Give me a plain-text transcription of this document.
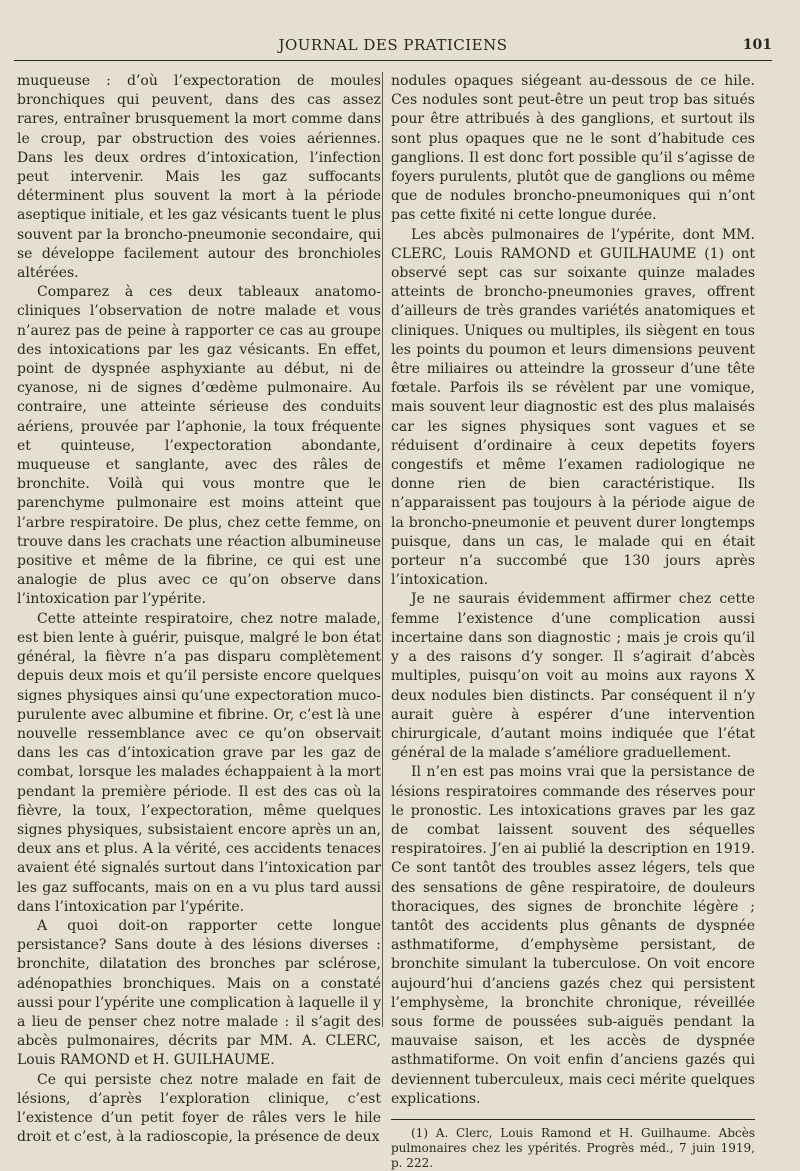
JOURNAL DES PRATICIENS	101

muqueuse : d’où l’expectoration de moules bronchiques qui peuvent, dans des cas assez rares, entraîner brusquement la mort comme dans le croup, par obstruction des voies aériennes. Dans les deux ordres d’intoxication, l’infection peut intervenir. Mais les gaz suffocants déterminent plus souvent la mort à la période aseptique initiale, et les gaz vésicants tuent le plus souvent par la broncho-pneumonie secondaire, qui se développe facilement autour des bronchioles altérées.

Comparez à ces deux tableaux anatomo-cliniques l’observation de notre malade et vous n’aurez pas de peine à rapporter ce cas au groupe des intoxications par les gaz vésicants. En effet, point de dyspnée asphyxiante au début, ni de cyanose, ni de signes d’œdème pulmonaire. Au contraire, une atteinte sérieuse des conduits aériens, prouvée par l’aphonie, la toux fréquente et quinteuse, l’expectoration abondante, muqueuse et sanglante, avec des râles de bronchite. Voilà qui vous montre que le parenchyme pulmonaire est moins atteint que l’arbre respiratoire. De plus, chez cette femme, on trouve dans les crachats une réaction albumineuse positive et même de la fibrine, ce qui est une analogie de plus avec ce qu’on observe dans l’intoxication par l’ypérite.

Cette atteinte respiratoire, chez notre malade, est bien lente à guérir, puisque, malgré le bon état général, la fièvre n’a pas disparu complètement depuis deux mois et qu’il persiste encore quelques signes physiques ainsi qu’une expectoration muco-purulente avec albumine et fibrine. Or, c’est là une nouvelle ressemblance avec ce qu’on observait dans les cas d’intoxication grave par les gaz de combat, lorsque les malades échappaient à la mort pendant la première période. Il est des cas où la fièvre, la toux, l’expectoration, même quelques signes physiques, subsistaient encore après un an, deux ans et plus. A la vérité, ces accidents tenaces avaient été signalés surtout dans l’intoxication par les gaz suffocants, mais on en a vu plus tard aussi dans l’intoxication par l’ypérite.

A quoi doit-on rapporter cette longue persistance? Sans doute à des lésions diverses : bronchite, dilatation des bronches par sclérose, adénopathies bronchiques. Mais on a constaté aussi pour l’ypérite une complication à laquelle il y a lieu de penser chez notre malade : il s’agit des abcès pulmonaires, décrits par MM. A. CLERC, Louis RAMOND et H. GUILHAUME.

Ce qui persiste chez notre malade en fait de lésions, d’après l’exploration clinique, c’est l’existence d’un petit foyer de râles vers le hile droit et c’est, à la radioscopie, la présence de deux

nodules opaques siégeant au-dessous de ce hile. Ces nodules sont peut-être un peut trop bas situés pour être attribués à des ganglions, et surtout ils sont plus opaques que ne le sont d’habitude ces ganglions. Il est donc fort possible qu’il s’agisse de foyers purulents, plutôt que de ganglions ou même que de nodules broncho-pneumoniques qui n’ont pas cette fixité ni cette longue durée.

Les abcès pulmonaires de l’ypérite, dont MM. CLERC, Louis RAMOND et GUILHAUME (1) ont observé sept cas sur soixante quinze malades atteints de broncho-pneumonies graves, offrent d’ailleurs de très grandes variétés anatomiques et cliniques. Uniques ou multiples, ils siègent en tous les points du poumon et leurs dimensions peuvent être miliaires ou atteindre la grosseur d’une tête fœtale. Parfois ils se révèlent par une vomique, mais souvent leur diagnostic est des plus malaisés car les signes physiques sont vagues et se réduisent d’ordinaire à ceux depetits foyers congestifs et même l’examen radiologique ne donne rien de bien caractéristique. Ils n’apparaissent pas toujours à la période aigue de la broncho-pneumonie et peuvent durer longtemps puisque, dans un cas, le malade qui en était porteur n’a succombé que 130 jours après l’intoxication.

Je ne saurais évidemment affirmer chez cette femme l’existence d’une complication aussi incertaine dans son diagnostic ; mais je crois qu’il y a des raisons d’y songer. Il s’agirait d’abcès multiples, puisqu’on voit au moins aux rayons X deux nodules bien distincts. Par conséquent il n’y aurait guère à espérer d’une intervention chirurgicale, d’autant moins indiquée que l’état général de la malade s’améliore graduellement.

Il n’en est pas moins vrai que la persistance de lésions respiratoires commande des réserves pour le pronostic. Les intoxications graves par les gaz de combat laissent souvent des séquelles respiratoires. J’en ai publié la description en 1919. Ce sont tantôt des troubles assez légers, tels que des sensations de gêne respiratoire, de douleurs thoraciques, des signes de bronchite légère ; tantôt des accidents plus gênants de dyspnée asthmatiforme, d’emphysème persistant, de bronchite simulant la tuberculose. On voit encore aujourd’hui d’anciens gazés chez qui persistent l’emphysème, la bronchite chronique, réveillée sous forme de poussées sub-aiguës pendant la mauvaise saison, et les accès de dyspnée asthmatiforme. On voit enfin d’anciens gazés qui deviennent tuberculeux, mais ceci mérite quelques explications.

(1) A. Clerc, Louis Ramond et H. Guilhaume. Abcès pulmonaires chez les ypérités. Progrès méd., 7 juin 1919, p. 222.
